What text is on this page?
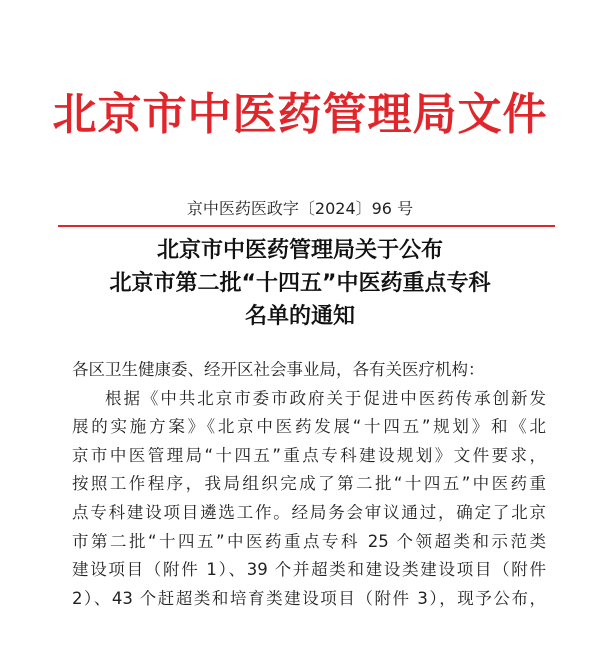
北京市中医药管理局文件
京中医药医政字〔2024〕96 号
北京市中医药管理局关于公布
北京市第二批“十四五”中医药重点专科
名单的通知
各区卫生健康委、经开区社会事业局，各有关医疗机构：
根据《中共北京市委市政府关于促进中医药传承创新发
展的实施方案》《北京中医药发展“十四五”规划》和《北
京市中医管理局“十四五”重点专科建设规划》文件要求，
按照工作程序，我局组织完成了第二批“十四五”中医药重
点专科建设项目遴选工作。经局务会审议通过，确定了北京
市第二批“十四五”中医药重点专科 25 个领超类和示范类
建设项目（附件 1）、39 个并超类和建设类建设项目（附件
2）、43 个赶超类和培育类建设项目（附件 3），现予公布，
